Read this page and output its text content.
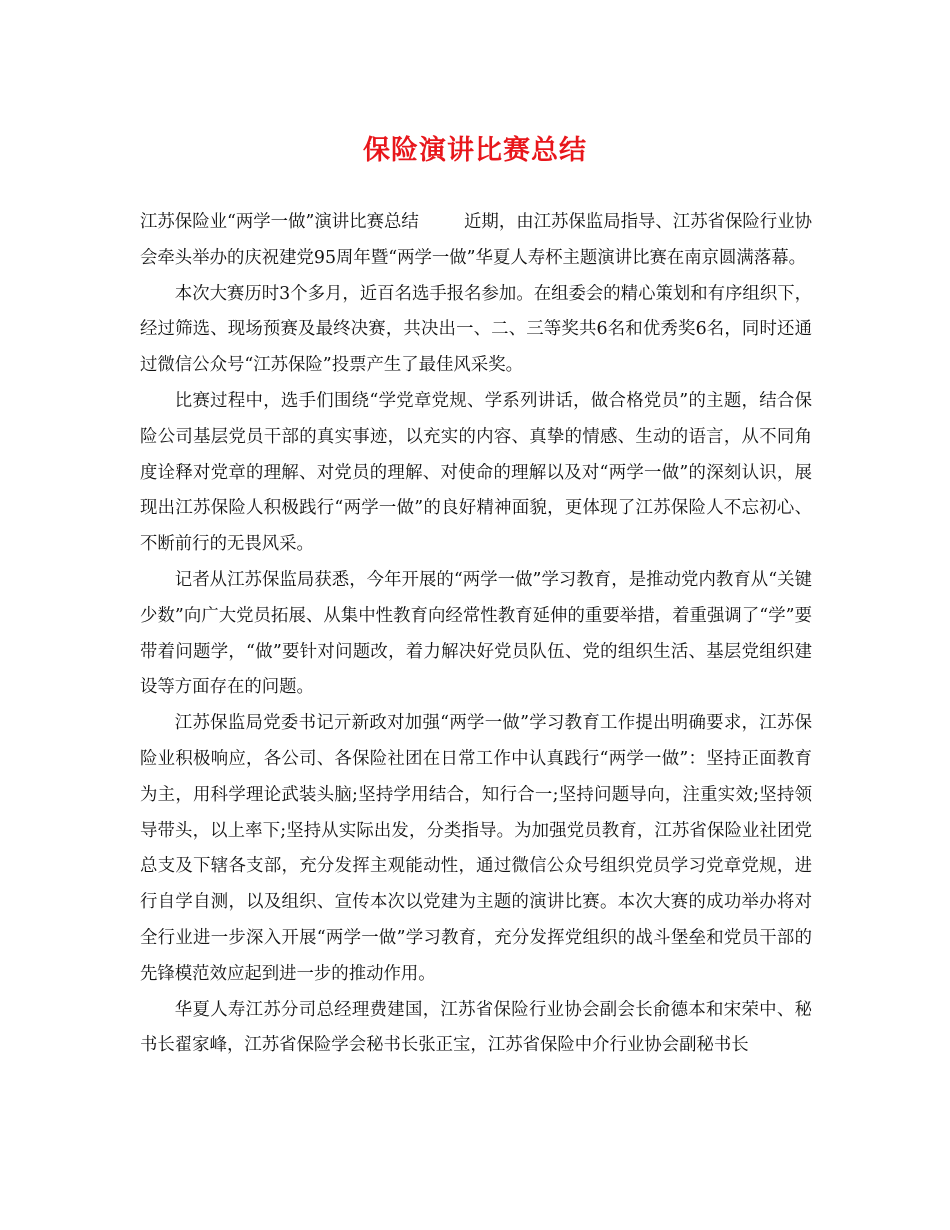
保险演讲比赛总结

江苏保险业“两学一做”演讲比赛总结	近期，由江苏保监局指导、江苏省保险行业协会牵头举办的庆祝建党95周年暨“两学一做”华夏人寿杯主题演讲比赛在南京圆满落幕。

本次大赛历时3个多月，近百名选手报名参加。在组委会的精心策划和有序组织下，经过筛选、现场预赛及最终决赛，共决出一、二、三等奖共6名和优秀奖6名，同时还通过微信公众号“江苏保险”投票产生了最佳风采奖。

比赛过程中，选手们围绕“学党章党规、学系列讲话，做合格党员”的主题，结合保险公司基层党员干部的真实事迹，以充实的内容、真挚的情感、生动的语言，从不同角度诠释对党章的理解、对党员的理解、对使命的理解以及对“两学一做”的深刻认识，展现出江苏保险人积极践行“两学一做”的良好精神面貌，更体现了江苏保险人不忘初心、不断前行的无畏风采。

记者从江苏保监局获悉，今年开展的“两学一做”学习教育，是推动党内教育从“关键少数”向广大党员拓展、从集中性教育向经常性教育延伸的重要举措，着重强调了“学”要带着问题学，“做”要针对问题改，着力解决好党员队伍、党的组织生活、基层党组织建设等方面存在的问题。

江苏保监局党委书记亓新政对加强“两学一做”学习教育工作提出明确要求，江苏保险业积极响应，各公司、各保险社团在日常工作中认真践行“两学一做”：坚持正面教育为主，用科学理论武装头脑;坚持学用结合，知行合一;坚持问题导向，注重实效;坚持领导带头，以上率下;坚持从实际出发，分类指导。为加强党员教育，江苏省保险业社团党总支及下辖各支部，充分发挥主观能动性，通过微信公众号组织党员学习党章党规，进行自学自测，以及组织、宣传本次以党建为主题的演讲比赛。本次大赛的成功举办将对全行业进一步深入开展“两学一做”学习教育，充分发挥党组织的战斗堡垒和党员干部的先锋模范效应起到进一步的推动作用。

华夏人寿江苏分司总经理费建国，江苏省保险行业协会副会长俞德本和宋荣中、秘书长翟家峰，江苏省保险学会秘书长张正宝，江苏省保险中介行业协会副秘书长
